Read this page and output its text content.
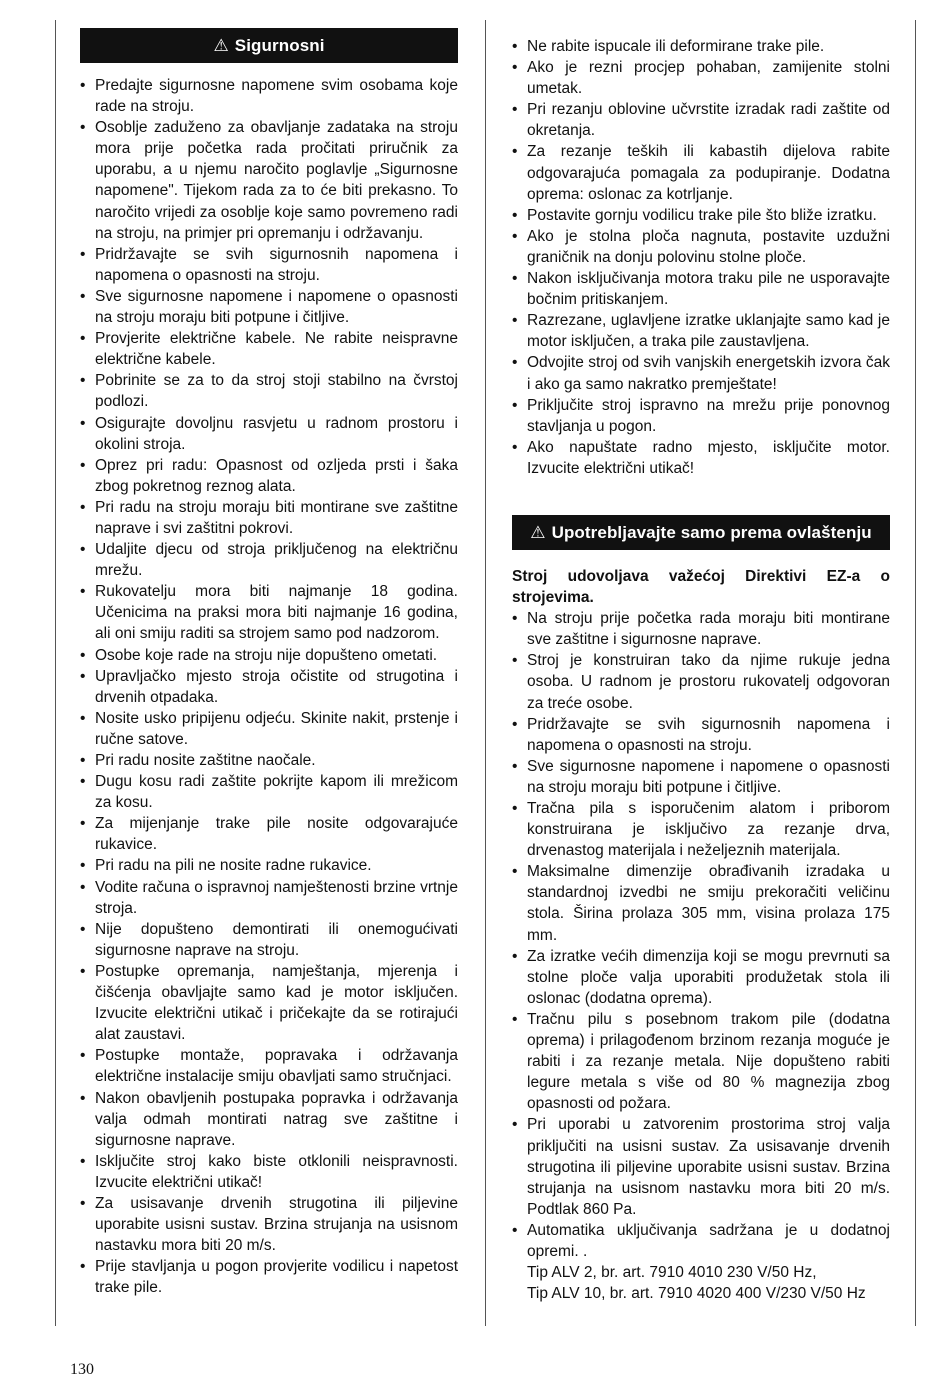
⚠ Sigurnosni
• Predajte sigurnosne napomene svim osobama koje rade na stroju.
• Osoblje zaduženo za obavljanje zadataka na stroju mora prije početka rada pročitati priručnik za uporabu, a u njemu naročito poglavlje „Sigurnosne napomene". Tijekom rada za to će biti prekasno. To naročito vrijedi za osoblje koje samo povremeno radi na stroju, na primjer pri opremanju i održavanju.
• Pridržavajte se svih sigurnosnih napomena i napomena o opasnosti na stroju.
• Sve sigurnosne napomene i napomene o opasnosti na stroju moraju biti potpune i čitljive.
• Provjerite električne kabele. Ne rabite neispravne električne kabele.
• Pobrinite se za to da stroj stoji stabilno na čvrstoj podlozi.
• Osigurajte dovoljnu rasvjetu u radnom prostoru i okolini stroja.
• Oprez pri radu: Opasnost od ozljeda prsti i šaka zbog pokretnog reznog alata.
• Pri radu na stroju moraju biti montirane sve zaštitne naprave i svi zaštitni pokrovi.
• Udaljite djecu od stroja priključenog na električnu mrežu.
• Rukovatelju mora biti najmanje 18 godina. Učenicima na praksi mora biti najmanje 16 godina, ali oni smiju raditi sa strojem samo pod nadzorom.
• Osobe koje rade na stroju nije dopušteno ometati.
• Upravljačko mjesto stroja očistite od strugotina i drvenih otpadaka.
• Nosite usko pripijenu odjeću. Skinite nakit, prstenje i ručne satove.
• Pri radu nosite zaštitne naočale.
• Dugu kosu radi zaštite pokrijte kapom ili mrežicom za kosu.
• Za mijenjanje trake pile nosite odgovarajuće rukavice.
• Pri radu na pili ne nosite radne rukavice.
• Vodite računa o ispravnoj namještenosti brzine vrtnje stroja.
• Nije dopušteno demontirati ili onemogućivati sigurnosne naprave na stroju.
• Postupke opremanja, namještanja, mjerenja i čišćenja obavljajte samo kad je motor isključen. Izvucite električni utikač i pričekajte da se rotirajući alat zaustavi.
• Postupke montaže, popravaka i održavanja električne instalacije smiju obavljati samo stručnjaci.
• Nakon obavljenih postupaka popravka i održavanja valja odmah montirati natrag sve zaštitne i sigurnosne naprave.
• Isključite stroj kako biste otklonili neispravnosti. Izvucite električni utikač!
• Za usisavanje drvenih strugotina ili piljevine uporabite usisni sustav. Brzina strujanja na usisnom nastavku mora biti 20 m/s.
• Prije stavljanja u pogon provjerite vodilicu i napetost trake pile.
• Ne rabite ispucale ili deformirane trake pile.
• Ako je rezni procjep pohaban, zamijenite stolni umetak.
• Pri rezanju oblovine učvrstite izradak radi zaštite od okretanja.
• Za rezanje teških ili kabastih dijelova rabite odgovarajuća pomagala za podupiranje. Dodatna oprema: oslonac za kotrljanje.
• Postavite gornju vodilicu trake pile što bliže izratku.
• Ako je stolna ploča nagnuta, postavite uzdužni graničnik na donju polovinu stolne ploče.
• Nakon isključivanja motora traku pile ne usporavajte bočnim pritiskanjem.
• Razrezane, uglavljene izratke uklanjajte samo kad je motor isključen, a traka pile zaustavljena.
• Odvojite stroj od svih vanjskih energetskih izvora čak i ako ga samo nakratko premještate!
• Priključite stroj ispravno na mrežu prije ponovnog stavljanja u pogon.
• Ako napuštate radno mjesto, isključite motor. Izvucite električni utikač!
⚠ Upotrebljavajte samo prema ovlaštenju
Stroj udovoljava važećoj Direktivi EZ-a o strojevima.
• Na stroju prije početka rada moraju biti montirane sve zaštitne i sigurnosne naprave.
• Stroj je konstruiran tako da njime rukuje jedna osoba. U radnom je prostoru rukovatelj odgovoran za treće osobe.
• Pridržavajte se svih sigurnosnih napomena i napomena o opasnosti na stroju.
• Sve sigurnosne napomene i napomene o opasnosti na stroju moraju biti potpune i čitljive.
• Tračna pila s isporučenim alatom i priborom konstruirana je isključivo za rezanje drva, drvenastog materijala i neželjeznih materijala.
• Maksimalne dimenzije obrađivanih izradaka u standardnoj izvedbi ne smiju prekoračiti veličinu stola. Širina prolaza 305 mm, visina prolaza 175 mm.
• Za izratke većih dimenzija koji se mogu prevrnuti sa stolne ploče valja uporabiti produžetak stola ili oslonac (dodatna oprema).
• Tračnu pilu s posebnom trakom pile (dodatna oprema) i prilagođenom brzinom rezanja moguće je rabiti i za rezanje metala. Nije dopušteno rabiti legure metala s više od 80 % magnezija zbog opasnosti od požara.
• Pri uporabi u zatvorenim prostorima stroj valja priključiti na usisni sustav. Za usisavanje drvenih strugotina ili piljevine uporabite usisni sustav. Brzina strujanja na usisnom nastavku mora biti 20 m/s. Podtlak 860 Pa.
• Automatika uključivanja sadržana je u dodatnoj opremi. .
Tip ALV 2, br. art. 7910 4010 230 V/50 Hz,
Tip ALV 10, br. art. 7910 4020 400 V/230 V/50 Hz
130
